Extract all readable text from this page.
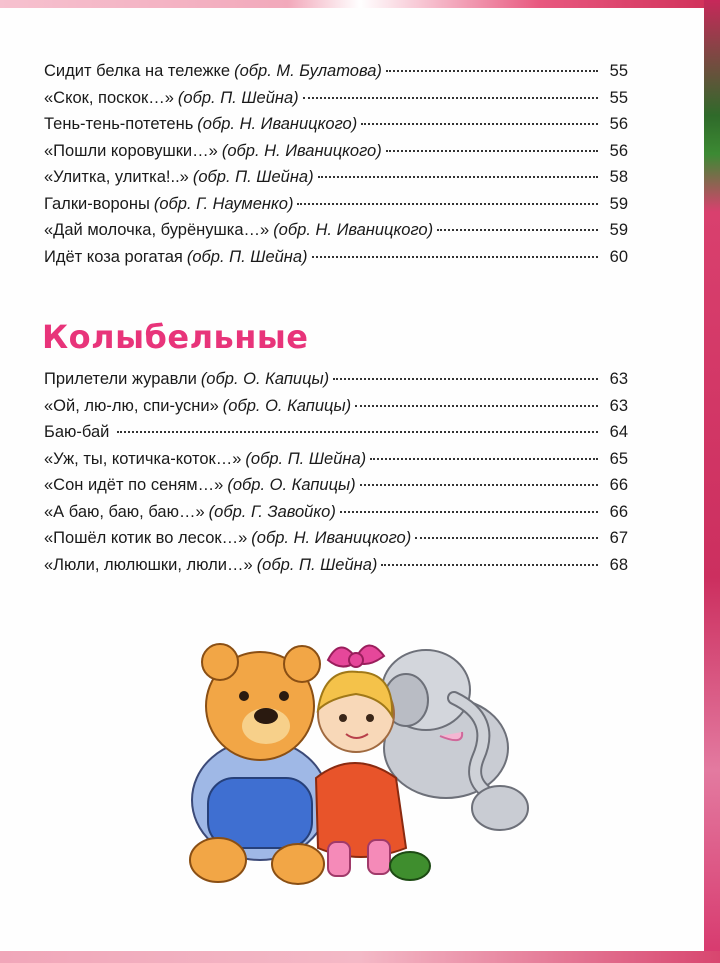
Сидит белка на тележке (обр. М. Булатова)	55
«Скок, поскок…» (обр. П. Шейна)	55
Тень-тень-потетень (обр. Н. Иваницкого)	56
«Пошли коровушки…» (обр. Н. Иваницкого)	56
«Улитка, улитка!..» (обр. П. Шейна)	58
Галки-вороны (обр. Г. Науменко)	59
«Дай молочка, бурёнушка…» (обр. Н. Иваницкого)	59
Идёт коза рогатая (обр. П. Шейна)	60
Колыбельные
Прилетели журавли (обр. О. Капицы)	63
«Ой, лю-лю, спи-усни» (обр. О. Капицы)	63
Баю-бай	64
«Уж, ты, котичка-коток…» (обр. П. Шейна)	65
«Сон идёт по сеням…» (обр. О. Капицы)	66
«А баю, баю, баю…» (обр. Г. Завойко)	66
«Пошёл котик во лесок…» (обр. Н. Иваницкого)	67
«Люли, люлюшки, люли…» (обр. П. Шейна)	68
